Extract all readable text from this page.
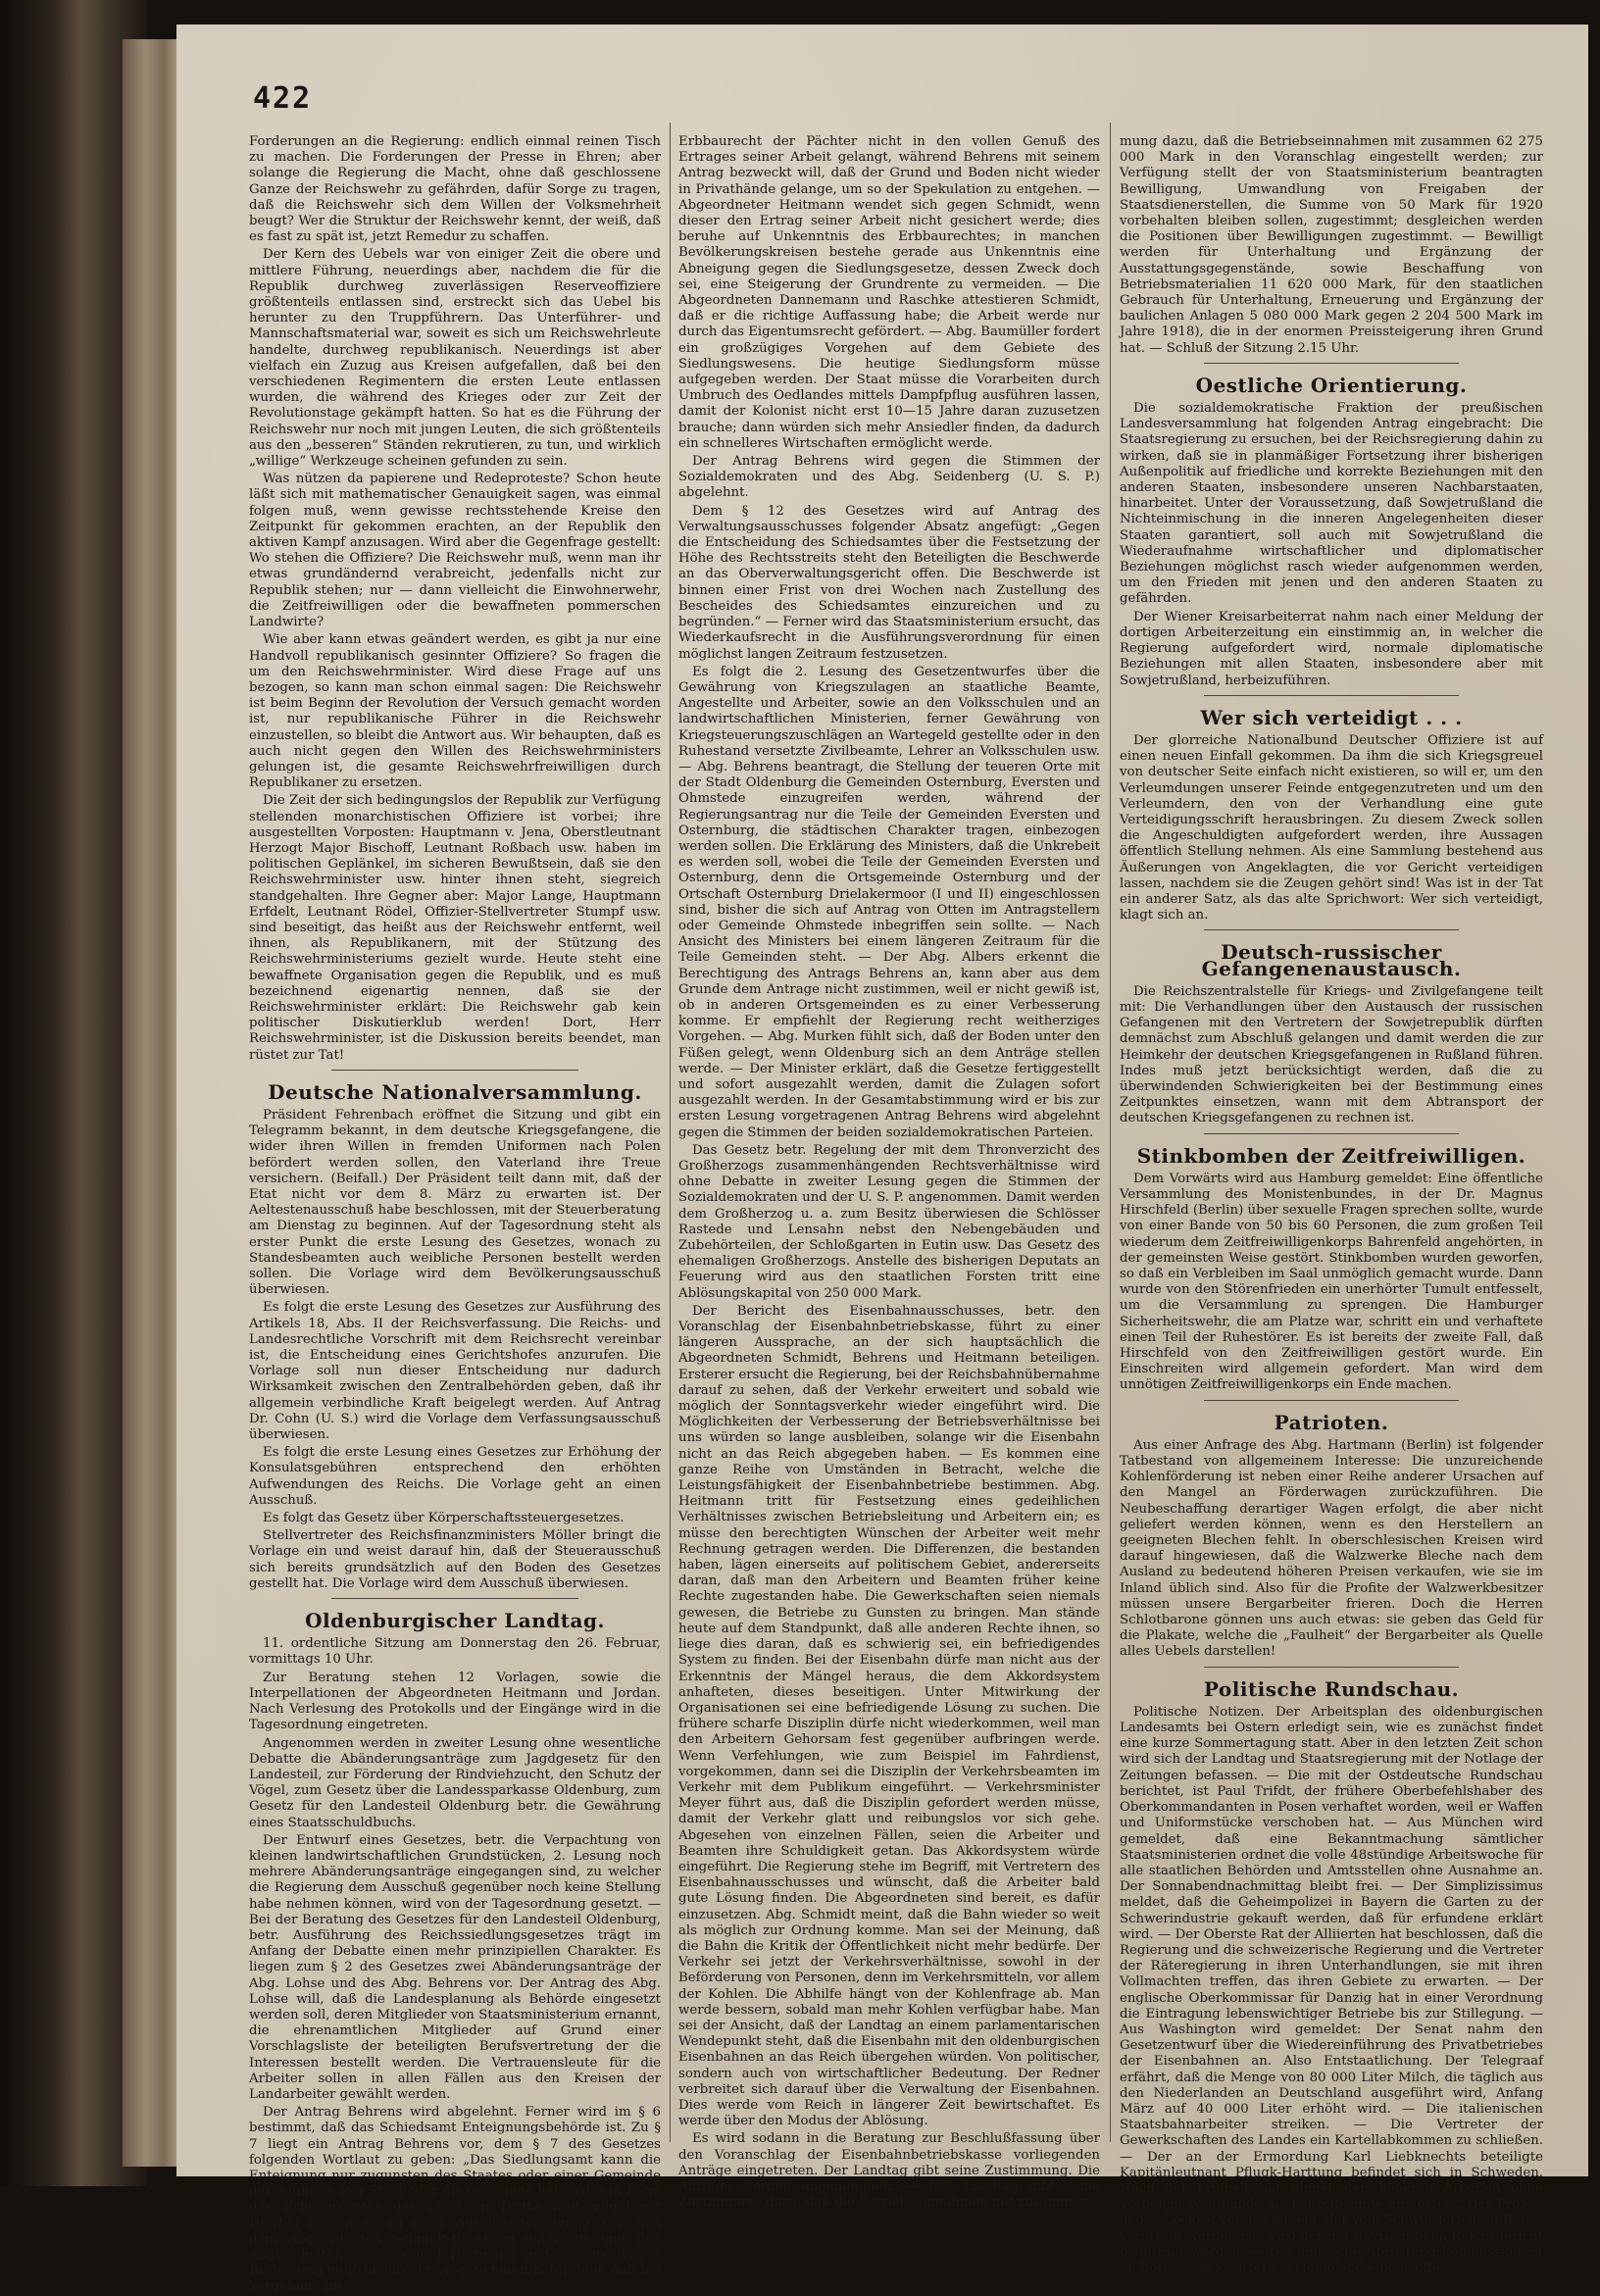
422

Forderungen an die Regierung: endlich einmal reinen Tisch zu machen. Die Forderungen der Presse in Ehren; aber solange die Regierung die Macht, ohne daß geschlossene Ganze der Reichswehr zu gefährden, dafür Sorge zu tragen, daß die Reichswehr sich dem Willen der Volksmehrheit beugt? Wer die Struktur der Reichswehr kennt, der weiß, daß es fast zu spät ist, jetzt Remedur zu schaffen.

Der Kern des Uebels war von einiger Zeit die obere und mittlere Führung, neuerdings aber, nachdem die für die Republik durchweg zuverlässigen Reserveoffiziere größtenteils entlassen sind, erstreckt sich das Uebel bis herunter zu den Truppführern. Das Unterführer- und Mannschaftsmaterial war, soweit es sich um Reichswehrleute handelte, durchweg republikanisch. Neuerdings ist aber vielfach ein Zuzug aus Kreisen aufgefallen, daß bei den verschiedenen Regimentern die ersten Leute entlassen wurden, die während des Krieges oder zur Zeit der Revolutionstage gekämpft hatten. So hat es die Führung der Reichswehr nur noch mit jungen Leuten, die sich größtenteils aus den „besseren“ Ständen rekrutieren, zu tun, und wirklich „willige“ Werkzeuge scheinen gefunden zu sein.

Was nützen da papierene und Redeproteste? Schon heute läßt sich mit mathematischer Genauigkeit sagen, was einmal folgen muß, wenn gewisse rechtsstehende Kreise den Zeitpunkt für gekommen erachten, an der Republik den aktiven Kampf anzusagen. Wird aber die Gegenfrage gestellt: Wo stehen die Offiziere? Die Reichswehr muß, wenn man ihr etwas grundändernd verabreicht, jedenfalls nicht zur Republik stehen; nur — dann vielleicht die Einwohnerwehr, die Zeitfreiwilligen oder die bewaffneten pommerschen Landwirte?

Wie aber kann etwas geändert werden, es gibt ja nur eine Handvoll republikanisch gesinnter Offiziere? So fragen die um den Reichswehrminister. Wird diese Frage auf uns bezogen, so kann man schon einmal sagen: Die Reichswehr ist beim Beginn der Revolution der Versuch gemacht worden ist, nur republikanische Führer in die Reichswehr einzustellen, so bleibt die Antwort aus. Wir behaupten, daß es auch nicht gegen den Willen des Reichswehrministers gelungen ist, die gesamte Reichswehrfreiwilligen durch Republikaner zu ersetzen.

Die Zeit der sich bedingungslos der Republik zur Verfügung stellenden monarchistischen Offiziere ist vorbei; ihre ausgestellten Vorposten: Hauptmann v. Jena, Oberstleutnant Herzogt Major Bischoff, Leutnant Roßbach usw. haben im politischen Geplänkel, im sicheren Bewußtsein, daß sie den Reichswehrminister usw. hinter ihnen steht, siegreich standgehalten. Ihre Gegner aber: Major Lange, Hauptmann Erfdelt, Leutnant Rödel, Offizier-Stellvertreter Stumpf usw. sind beseitigt, das heißt aus der Reichswehr entfernt, weil ihnen, als Republikanern, mit der Stützung des Reichswehrministeriums gezielt wurde. Heute steht eine bewaffnete Organisation gegen die Republik, und es muß bezeichnend eigenartig nennen, daß sie der Reichswehrminister erklärt: Die Reichswehr gab kein politischer Diskutierklub werden! Dort, Herr Reichswehrminister, ist die Diskussion bereits beendet, man rüstet zur Tat!

Deutsche Nationalversammlung.

Präsident Fehrenbach eröffnet die Sitzung und gibt ein Telegramm bekannt, in dem deutsche Kriegsgefangene, die wider ihren Willen in fremden Uniformen nach Polen befördert werden sollen, den Vaterland ihre Treue versichern. (Beifall.) Der Präsident teilt dann mit, daß der Etat nicht vor dem 8. März zu erwarten ist. Der Aeltestenausschuß habe beschlossen, mit der Steuerberatung am Dienstag zu beginnen. Auf der Tagesordnung steht als erster Punkt die erste Lesung des Gesetzes, wonach zu Standesbeamten auch weibliche Personen bestellt werden sollen. Die Vorlage wird dem Bevölkerungsausschuß überwiesen.

Es folgt die erste Lesung des Gesetzes zur Ausführung des Artikels 18, Abs. II der Reichsverfassung. Die Reichs- und Landesrechtliche Vorschrift mit dem Reichsrecht vereinbar ist, die Entscheidung eines Gerichtshofes anzurufen. Die Vorlage soll nun dieser Entscheidung nur dadurch Wirksamkeit zwischen den Zentralbehörden geben, daß ihr allgemein verbindliche Kraft beigelegt werden. Auf Antrag Dr. Cohn (U. S.) wird die Vorlage dem Verfassungsausschuß überwiesen.

Es folgt die erste Lesung eines Gesetzes zur Erhöhung der Konsulatsgebühren entsprechend den erhöhten Aufwendungen des Reichs. Die Vorlage geht an einen Ausschuß.

Es folgt das Gesetz über Körperschaftssteuergesetzes.

Stellvertreter des Reichsfinanzministers Möller bringt die Vorlage ein und weist darauf hin, daß der Steuerausschuß sich bereits grundsätzlich auf den Boden des Gesetzes gestellt hat. Die Vorlage wird dem Ausschuß überwiesen.

Oldenburgischer Landtag.

11. ordentliche Sitzung am Donnerstag den 26. Februar, vormittags 10 Uhr.

Zur Beratung stehen 12 Vorlagen, sowie die Interpellationen der Abgeordneten Heitmann und Jordan. Nach Verlesung des Protokolls und der Eingänge wird in die Tagesordnung eingetreten.

Angenommen werden in zweiter Lesung ohne wesentliche Debatte die Abänderungsanträge zum Jagdgesetz für den Landesteil, zur Förderung der Rindviehzucht, den Schutz der Vögel, zum Gesetz über die Landessparkasse Oldenburg, zum Gesetz für den Landesteil Oldenburg betr. die Gewährung eines Staatsschuldbuchs.

Der Entwurf eines Gesetzes, betr. die Verpachtung von kleinen landwirtschaftlichen Grundstücken, 2. Lesung noch mehrere Abänderungsanträge eingegangen sind, zu welcher die Regierung dem Ausschuß gegenüber noch keine Stellung habe nehmen können, wird von der Tagesordnung gesetzt. — Bei der Beratung des Gesetzes für den Landesteil Oldenburg, betr. Ausführung des Reichssiedlungsgesetzes trägt im Anfang der Debatte einen mehr prinzipiellen Charakter. Es liegen zum § 2 des Gesetzes zwei Abänderungsanträge der Abg. Lohse und des Abg. Behrens vor. Der Antrag des Abg. Lohse will, daß die Landesplanung als Behörde eingesetzt werden soll, deren Mitglieder von Staatsministerium ernannt, die ehrenamtlichen Mitglieder auf Grund einer Vorschlagsliste der beteiligten Berufsvertretung der die Interessen bestellt werden. Die Vertrauensleute für die Arbeiter sollen in allen Fällen aus den Kreisen der Landarbeiter gewählt werden.

Der Antrag Behrens wird abgelehnt. Ferner wird im § 6 bestimmt, daß das Schiedsamt Enteignungsbehörde ist. Zu § 7 liegt ein Antrag Behrens vor, dem § 7 des Gesetzes folgenden Wortlaut zu geben: „Das Siedlungsamt kann die Enteignung nur zugunsten des Staates oder einer Gemeinde durchführen. Der Staat oder die Gemeinde haben das in Form des Erbbaurechtes das Land an Dritte weiterzugeben.“ Hierbei kommt es zu einer Auseinandersetzung zwischen dem Abgeordneten Schmidt-Bockhorn einerseits und den Abgeordneten Behrens und Heitmann andererseits wegen Besiedlung im Erbbaurecht. Abg. Schmidt befürchtet, daß bei Vergebung im

Erbbaurecht der Pächter nicht in den vollen Genuß des Ertrages seiner Arbeit gelangt, während Behrens mit seinem Antrag bezweckt will, daß der Grund und Boden nicht wieder in Privathände gelange, um so der Spekulation zu entgehen. — Abgeordneter Heitmann wendet sich gegen Schmidt, wenn dieser den Ertrag seiner Arbeit nicht gesichert werde; dies beruhe auf Unkenntnis des Erbbaurechtes; in manchen Bevölkerungskreisen bestehe gerade aus Unkenntnis eine Abneigung gegen die Siedlungsgesetze, dessen Zweck doch sei, eine Steigerung der Grundrente zu vermeiden. — Die Abgeordneten Dannemann und Raschke attestieren Schmidt, daß er die richtige Auffassung habe; die Arbeit werde nur durch das Eigentumsrecht gefördert. — Abg. Baumüller fordert ein großzügiges Vorgehen auf dem Gebiete des Siedlungswesens. Die heutige Siedlungsform müsse aufgegeben werden. Der Staat müsse die Vorarbeiten durch Umbruch des Oedlandes mittels Dampfpflug ausführen lassen, damit der Kolonist nicht erst 10—15 Jahre daran zuzusetzen brauche; dann würden sich mehr Ansiedler finden, da dadurch ein schnelleres Wirtschaften ermöglicht werde.

Der Antrag Behrens wird gegen die Stimmen der Sozialdemokraten und des Abg. Seidenberg (U. S. P.) abgelehnt.

Dem § 12 des Gesetzes wird auf Antrag des Verwaltungsausschusses folgender Absatz angefügt: „Gegen die Entscheidung des Schiedsamtes über die Festsetzung der Höhe des Rechtsstreits steht den Beteiligten die Beschwerde an das Oberverwaltungsgericht offen. Die Beschwerde ist binnen einer Frist von drei Wochen nach Zustellung des Bescheides des Schiedsamtes einzureichen und zu begründen.“ — Ferner wird das Staatsministerium ersucht, das Wiederkaufsrecht in die Ausführungsverordnung für einen möglichst langen Zeitraum festzusetzen.

Es folgt die 2. Lesung des Gesetzentwurfes über die Gewährung von Kriegszulagen an staatliche Beamte, Angestellte und Arbeiter, sowie an den Volksschulen und an landwirtschaftlichen Ministerien, ferner Gewährung von Kriegsteuerungszuschlägen an Wartegeld gestellte oder in den Ruhestand versetzte Zivilbeamte, Lehrer an Volksschulen usw. — Abg. Behrens beantragt, die Stellung der teueren Orte mit der Stadt Oldenburg die Gemeinden Osternburg, Eversten und Ohmstede einzugreifen werden, während der Regierungsantrag nur die Teile der Gemeinden Eversten und Osternburg, die städtischen Charakter tragen, einbezogen werden sollen. Die Erklärung des Ministers, daß die Unkrebeit es werden soll, wobei die Teile der Gemeinden Eversten und Osternburg, denn die Ortsgemeinde Osternburg und der Ortschaft Osternburg Drielakermoor (I und II) eingeschlossen sind, bisher die sich auf Antrag von Otten im Antragstellern oder Gemeinde Ohmstede inbegriffen sein sollte. — Nach Ansicht des Ministers bei einem längeren Zeitraum für die Teile Gemeinden steht. — Der Abg. Albers erkennt die Berechtigung des Antrags Behrens an, kann aber aus dem Grunde dem Antrage nicht zustimmen, weil er nicht gewiß ist, ob in anderen Ortsgemeinden es zu einer Verbesserung komme. Er empfiehlt der Regierung recht weitherziges Vorgehen. — Abg. Murken fühlt sich, daß der Boden unter den Füßen gelegt, wenn Oldenburg sich an dem Anträge stellen werde. — Der Minister erklärt, daß die Gesetze fertiggestellt und sofort ausgezahlt werden, damit die Zulagen sofort ausgezahlt werden. In der Gesamtabstimmung wird er bis zur ersten Lesung vorgetragenen Antrag Behrens wird abgelehnt gegen die Stimmen der beiden sozialdemokratischen Parteien.

Das Gesetz betr. Regelung der mit dem Thronverzicht des Großherzogs zusammenhängenden Rechtsverhältnisse wird ohne Debatte in zweiter Lesung gegen die Stimmen der Sozialdemokraten und der U. S. P. angenommen. Damit werden dem Großherzog u. a. zum Besitz überwiesen die Schlösser Rastede und Lensahn nebst den Nebengebäuden und Zubehörteilen, der Schloßgarten in Eutin usw. Das Gesetz des ehemaligen Großherzogs. Anstelle des bisherigen Deputats an Feuerung wird aus den staatlichen Forsten tritt eine Ablösungskapital von 250 000 Mark.

Der Bericht des Eisenbahnausschusses, betr. den Voranschlag der Eisenbahnbetriebskasse, führt zu einer längeren Aussprache, an der sich hauptsächlich die Abgeordneten Schmidt, Behrens und Heitmann beteiligen. Ersterer ersucht die Regierung, bei der Reichsbahnübernahme darauf zu sehen, daß der Verkehr erweitert und sobald wie möglich der Sonntagsverkehr wieder eingeführt wird. Die Möglichkeiten der Verbesserung der Betriebsverhältnisse bei uns würden so lange ausbleiben, solange wir die Eisenbahn nicht an das Reich abgegeben haben. — Es kommen eine ganze Reihe von Umständen in Betracht, welche die Leistungsfähigkeit der Eisenbahnbetriebe bestimmen. Abg. Heitmann tritt für Festsetzung eines gedeihlichen Verhältnisses zwischen Betriebsleitung und Arbeitern ein; es müsse den berechtigten Wünschen der Arbeiter weit mehr Rechnung getragen werden. Die Differenzen, die bestanden haben, lägen einerseits auf politischem Gebiet, andererseits daran, daß man den Arbeitern und Beamten früher keine Rechte zugestanden habe. Die Gewerkschaften seien niemals gewesen, die Betriebe zu Gunsten zu bringen. Man stände heute auf dem Standpunkt, daß alle anderen Rechte ihnen, so liege dies daran, daß es schwierig sei, ein befriedigendes System zu finden. Bei der Eisenbahn dürfe man nicht aus der Erkenntnis der Mängel heraus, die dem Akkordsystem anhafteten, dieses beseitigen. Unter Mitwirkung der Organisationen sei eine befriedigende Lösung zu suchen. Die frühere scharfe Disziplin dürfe nicht wiederkommen, weil man den Arbeitern Gehorsam fest gegenüber aufbringen werde. Wenn Verfehlungen, wie zum Beispiel im Fahrdienst, vorgekommen, dann sei die Disziplin der Verkehrsbeamten im Verkehr mit dem Publikum eingeführt. — Verkehrsminister Meyer führt aus, daß die Disziplin gefordert werden müsse, damit der Verkehr glatt und reibungslos vor sich gehe. Abgesehen von einzelnen Fällen, seien die Arbeiter und Beamten ihre Schuldigkeit getan. Das Akkordsystem würde eingeführt. Die Regierung stehe im Begriff, mit Vertretern des Eisenbahnausschusses und wünscht, daß die Arbeiter bald gute Lösung finden. Die Abgeordneten sind bereit, es dafür einzusetzen. Abg. Schmidt meint, daß die Bahn wieder so weit als möglich zur Ordnung komme. Man sei der Meinung, daß die Bahn die Kritik der Öffentlichkeit nicht mehr bedürfe. Der Verkehr sei jetzt der Verkehrsverhältnisse, sowohl in der Beförderung von Personen, denn im Verkehrsmitteln, vor allem der Kohlen. Die Abhilfe hängt von der Kohlenfrage ab. Man werde bessern, sobald man mehr Kohlen verfügbar habe. Man sei der Ansicht, daß der Landtag an einem parlamentarischen Wendepunkt steht, daß die Eisenbahn mit den oldenburgischen Eisenbahnen an das Reich übergehen würden. Von politischer, sondern auch von wirtschaftlicher Bedeutung. Der Redner verbreitet sich darauf über die Verwaltung der Eisenbahnen. Dies werde vom Reich in längerer Zeit bewirtschaftet. Es werde über den Modus der Ablösung.

Es wird sodann in die Beratung zur Beschlußfassung über den Voranschlag der Eisenbahnbetriebskasse vorliegenden Anträge eingetreten. Der Landtag gibt seine Zustimmung. Die Anträge werden angenommen. — Der Landtag gibt seine Zustimmung dazu, daß die Betriebseinnahmen mit zusammen

mung dazu, daß die Betriebseinnahmen mit zusammen 62 275 000 Mark in den Voranschlag eingestellt werden; zur Verfügung stellt der von Staatsministerium beantragten Bewilligung, Umwandlung von Freigaben der Staatsdienerstellen, die Summe von 50 Mark für 1920 vorbehalten bleiben sollen, zugestimmt; desgleichen werden die Positionen über Bewilligungen zugestimmt. — Bewilligt werden für Unterhaltung und Ergänzung der Ausstattungsgegenstände, sowie Beschaffung von Betriebsmaterialien 11 620 000 Mark, für den staatlichen Gebrauch für Unterhaltung, Erneuerung und Ergänzung der baulichen Anlagen 5 080 000 Mark gegen 2 204 500 Mark im Jahre 1918), die in der enormen Preissteigerung ihren Grund hat. — Schluß der Sitzung 2.15 Uhr.

Oestliche Orientierung.

Die sozialdemokratische Fraktion der preußischen Landesversammlung hat folgenden Antrag eingebracht: Die Staatsregierung zu ersuchen, bei der Reichsregierung dahin zu wirken, daß sie in planmäßiger Fortsetzung ihrer bisherigen Außenpolitik auf friedliche und korrekte Beziehungen mit den anderen Staaten, insbesondere unseren Nachbarstaaten, hinarbeitet. Unter der Voraussetzung, daß Sowjetrußland die Nichteinmischung in die inneren Angelegenheiten dieser Staaten garantiert, soll auch mit Sowjetrußland die Wiederaufnahme wirtschaftlicher und diplomatischer Beziehungen möglichst rasch wieder aufgenommen werden, um den Frieden mit jenen und den anderen Staaten zu gefährden.

Der Wiener Kreisarbeiterrat nahm nach einer Meldung der dortigen Arbeiterzeitung ein einstimmig an, in welcher die Regierung aufgefordert wird, normale diplomatische Beziehungen mit allen Staaten, insbesondere aber mit Sowjetrußland, herbeizuführen.

Wer sich verteidigt . . .

Der glorreiche Nationalbund Deutscher Offiziere ist auf einen neuen Einfall gekommen. Da ihm die sich Kriegsgreuel von deutscher Seite einfach nicht existieren, so will er, um den Verleumdungen unserer Feinde entgegenzutreten und um den Verleumdern, den von der Verhandlung eine gute Verteidigungsschrift herausbringen. Zu diesem Zweck sollen die Angeschuldigten aufgefordert werden, ihre Aussagen öffentlich Stellung nehmen. Als eine Sammlung bestehend aus Äußerungen von Angeklagten, die vor Gericht verteidigen lassen, nachdem sie die Zeugen gehört sind! Was ist in der Tat ein anderer Satz, als das alte Sprichwort: Wer sich verteidigt, klagt sich an.

Deutsch-russischer Gefangenenaustausch.

Die Reichszentralstelle für Kriegs- und Zivilgefangene teilt mit: Die Verhandlungen über den Austausch der russischen Gefangenen mit den Vertretern der Sowjetrepublik dürften demnächst zum Abschluß gelangen und damit werden die zur Heimkehr der deutschen Kriegsgefangenen in Rußland führen. Indes muß jetzt berücksichtigt werden, daß die zu überwindenden Schwierigkeiten bei der Bestimmung eines Zeitpunktes einsetzen, wann mit dem Abtransport der deutschen Kriegsgefangenen zu rechnen ist.

Stinkbomben der Zeitfreiwilligen.

Dem Vorwärts wird aus Hamburg gemeldet: Eine öffentliche Versammlung des Monistenbundes, in der Dr. Magnus Hirschfeld (Berlin) über sexuelle Fragen sprechen sollte, wurde von einer Bande von 50 bis 60 Personen, die zum großen Teil wiederum dem Zeitfreiwilligenkorps Bahrenfeld angehörten, in der gemeinsten Weise gestört. Stinkbomben wurden geworfen, so daß ein Verbleiben im Saal unmöglich gemacht wurde. Dann wurde von den Störenfrieden ein unerhörter Tumult entfesselt, um die Versammlung zu sprengen. Die Hamburger Sicherheitswehr, die am Platze war, schritt ein und verhaftete einen Teil der Ruhestörer. Es ist bereits der zweite Fall, daß Hirschfeld von den Zeitfreiwilligen gestört wurde. Ein Einschreiten wird allgemein gefordert. Man wird dem unnötigen Zeitfreiwilligenkorps ein Ende machen.

Patrioten.

Aus einer Anfrage des Abg. Hartmann (Berlin) ist folgender Tatbestand von allgemeinem Interesse: Die unzureichende Kohlenförderung ist neben einer Reihe anderer Ursachen auf den Mangel an Förderwagen zurückzuführen. Die Neubeschaffung derartiger Wagen erfolgt, die aber nicht geliefert werden können, wenn es den Herstellern an geeigneten Blechen fehlt. In oberschlesischen Kreisen wird darauf hingewiesen, daß die Walzwerke Bleche nach dem Ausland zu bedeutend höheren Preisen verkaufen, wie sie im Inland üblich sind. Also für die Profite der Walzwerkbesitzer müssen unsere Bergarbeiter frieren. Doch die Herren Schlotbarone gönnen uns auch etwas: sie geben das Geld für die Plakate, welche die „Faulheit“ der Bergarbeiter als Quelle alles Uebels darstellen!

Politische Rundschau.

Politische Notizen. Der Arbeitsplan des oldenburgischen Landesamts bei Ostern erledigt sein, wie es zunächst findet eine kurze Sommertagung statt. Aber in den letzten Zeit schon wird sich der Landtag und Staatsregierung mit der Notlage der Zeitungen befassen. — Die mit der Ostdeutsche Rundschau berichtet, ist Paul Trifdt, der frühere Oberbefehlshaber des Oberkommandanten in Posen verhaftet worden, weil er Waffen und Uniformstücke verschoben hat. — Aus München wird gemeldet, daß eine Bekanntmachung sämtlicher Staatsministerien ordnet die volle 48stündige Arbeitswoche für alle staatlichen Behörden und Amtsstellen ohne Ausnahme an. Der Sonnabendnachmittag bleibt frei. — Der Simplizissimus meldet, daß die Geheimpolizei in Bayern die Garten zu der Schwerindustrie gekauft werden, daß für erfundene erklärt wird. — Der Oberste Rat der Alliierten hat beschlossen, daß die Regierung und die schweizerische Regierung und die Vertreter der Räteregierung in ihren Unterhandlungen, sie mit ihren Vollmachten treffen, das ihren Gebiete zu erwarten. — Der englische Oberkommissar für Danzig hat in einer Verordnung die Eintragung lebenswichtiger Betriebe bis zur Stillegung. — Aus Washington wird gemeldet: Der Senat nahm den Gesetzentwurf über die Wiedereinführung des Privatbetriebes der Eisenbahnen an. Also Entstaatlichung. Der Telegraaf erfährt, daß die Menge von 80 000 Liter Milch, die täglich aus den Niederlanden an Deutschland ausgeführt wird, Anfang März auf 40 000 Liter erhöht wird. — Die italienischen Staatsbahnarbeiter streiken. — Die Vertreter der Gewerkschaften des Landes ein Kartellabkommen zu schließen. — Der an der Ermordung Karl Liebknechts beteiligte Kapitänleutnant Pflugk-Harttung befindet sich in Schweden. Nach der Freiheit hat immer den höheren Arbeiten ohne Vorbehalt vom Lande als Polizeibeamte eingestellt. Der Prozeß gegen Lockruf von Hirschfeld, der vom Schwurgericht in Berlin verurteilt worden ist, wird der mit Revision beim Reichsgericht beantragt worden. — Die englische Abrüstungskommission ist an Bord eines Kreuzers in Helgoland eingetroffen.
